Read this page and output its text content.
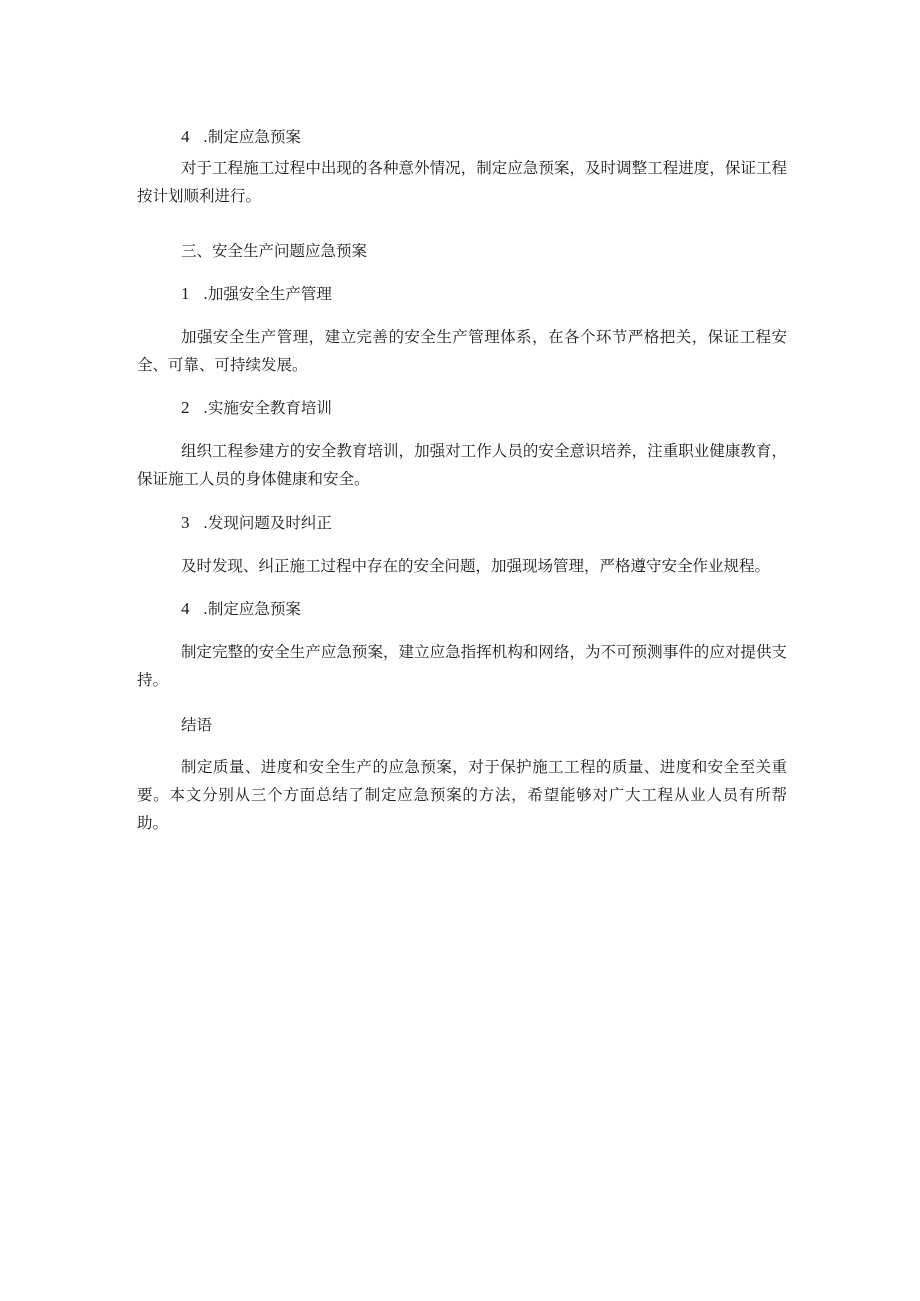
4 .制定应急预案

对于工程施工过程中出现的各种意外情况，制定应急预案，及时调整工程进度，保证工程按计划顺利进行。

三、安全生产问题应急预案
1 .加强安全生产管理

加强安全生产管理，建立完善的安全生产管理体系，在各个环节严格把关，保证工程安全、可靠、可持续发展。

2 .实施安全教育培训

组织工程参建方的安全教育培训，加强对工作人员的安全意识培养，注重职业健康教育，保证施工人员的身体健康和安全。

3 .发现问题及时纠正

及时发现、纠正施工过程中存在的安全问题，加强现场管理，严格遵守安全作业规程。

4 .制定应急预案

制定完整的安全生产应急预案，建立应急指挥机构和网络，为不可预测事件的应对提供支持。

结语

制定质量、进度和安全生产的应急预案，对于保护施工工程的质量、进度和安全至关重要。本文分别从三个方面总结了制定应急预案的方法，希望能够对广大工程从业人员有所帮助。
